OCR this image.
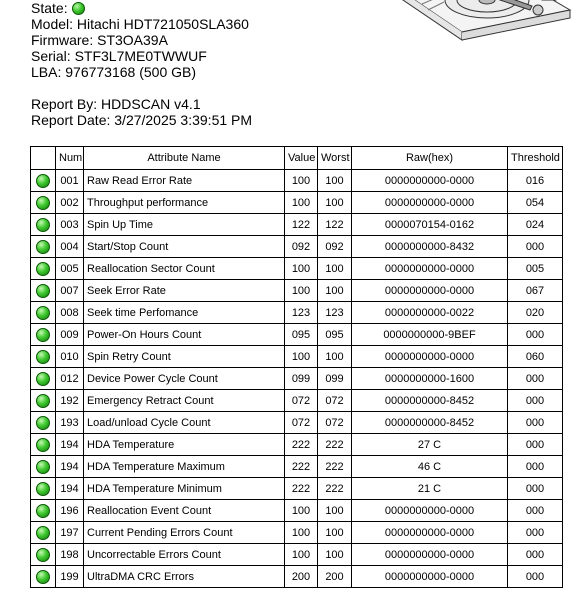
State:
Model: Hitachi HDT721050SLA360
Firmware: ST3OA39A
Serial: STF3L7ME0TWWUF
LBA: 976773168 (500 GB)
Report By: HDDSCAN v4.1
Report Date: 3/27/2025 3:39:51 PM
	Num	Attribute Name	Value	Worst	Raw(hex)	Threshold
	001	Raw Read Error Rate	100	100	0000000000-0000	016
	002	Throughput performance	100	100	0000000000-0000	054
	003	Spin Up Time	122	122	0000070154-0162	024
	004	Start/Stop Count	092	092	0000000000-8432	000
	005	Reallocation Sector Count	100	100	0000000000-0000	005
	007	Seek Error Rate	100	100	0000000000-0000	067
	008	Seek time Perfomance	123	123	0000000000-0022	020
	009	Power-On Hours Count	095	095	0000000000-9BEF	000
	010	Spin Retry Count	100	100	0000000000-0000	060
	012	Device Power Cycle Count	099	099	0000000000-1600	000
	192	Emergency Retract Count	072	072	0000000000-8452	000
	193	Load/unload Cycle Count	072	072	0000000000-8452	000
	194	HDA Temperature	222	222	27 C	000
	194	HDA Temperature Maximum	222	222	46 C	000
	194	HDA Temperature Minimum	222	222	21 C	000
	196	Reallocation Event Count	100	100	0000000000-0000	000
	197	Current Pending Errors Count	100	100	0000000000-0000	000
	198	Uncorrectable Errors Count	100	100	0000000000-0000	000
	199	UltraDMA CRC Errors	200	200	0000000000-0000	000
